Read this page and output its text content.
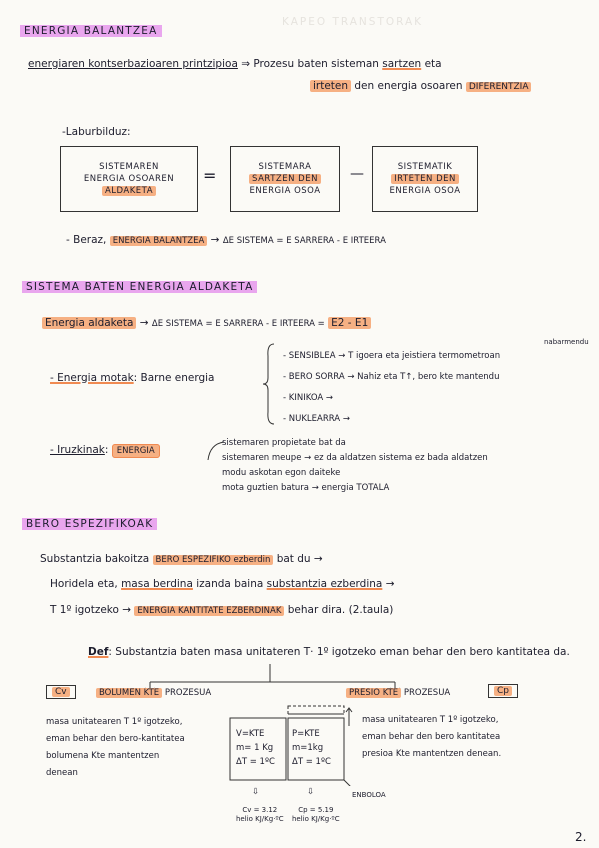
KAPEO TRANSTORAK
ENERGIA BALANTZEA
energiaren kontserbazioaren printzipioa ⇒ Prozesu baten sisteman sartzen eta
irteten den energia osoaren DIFERENTZIA
-Laburbilduz:
SISTEMAREN
ENERGIA OSOAREN
ALDAKETA
=	SISTEMARA
SARTZEN DEN
ENERGIA OSOA
—	SISTEMATIK
IRTETEN DEN
ENERGIA OSOA
- Beraz, ENERGIA BALANTZEA → ΔE SISTEMA = E SARRERA - E IRTEERA
SISTEMA BATEN ENERGIA ALDAKETA
Energia aldaketa → ΔE SISTEMA = E SARRERA - E IRTEERA = E2 - E1
- Energia motak: Barne energia
- SENSIBLEA → T igoera eta jeistiera termometroan
- BERO SORRA → Nahiz eta T↑, bero kte mantendu
- KINIKOA →
- NUKLEARRA →
nabarmendu
- Iruzkinak: ENERGIA
sistemaren propietate bat da
sistemaren meupe → ez da aldatzen sistema ez bada aldatzen
modu askotan egon daiteke
mota guztien batura → energia TOTALA
BERO ESPEZIFIKOAK
Substantzia bakoitza BERO ESPEZIFIKO ezberdin bat du →
Horidela eta, masa berdina izanda baina substantzia ezberdina →
T 1º igotzeko → ENERGIA KANTITATE EZBERDINAK behar dira. (2.taula)
Def: Substantzia baten masa unitateren T· 1º igotzeko eman behar den bero kantitatea da.
Cv	BOLUMEN KTE PROZESUA
masa unitatearen T 1º igotzeko,
eman behar den bero-kantitatea
bolumena Kte mantentzen
denean
PRESIO KTE PROZESUA	Cp
masa unitatearen T 1º igotzeko,
eman behar den bero kantitatea
presioa Kte mantentzen denean.
V=KTE
m= 1 Kg
ΔT = 1ºC
P=KTE
m=1kg
ΔT = 1ºC
ENBOLOA
⇩	⇩
Cv = 3.12
helio KJ/Kg·ºC
Cp = 5.19
helio KJ/Kg·ºC
2.
